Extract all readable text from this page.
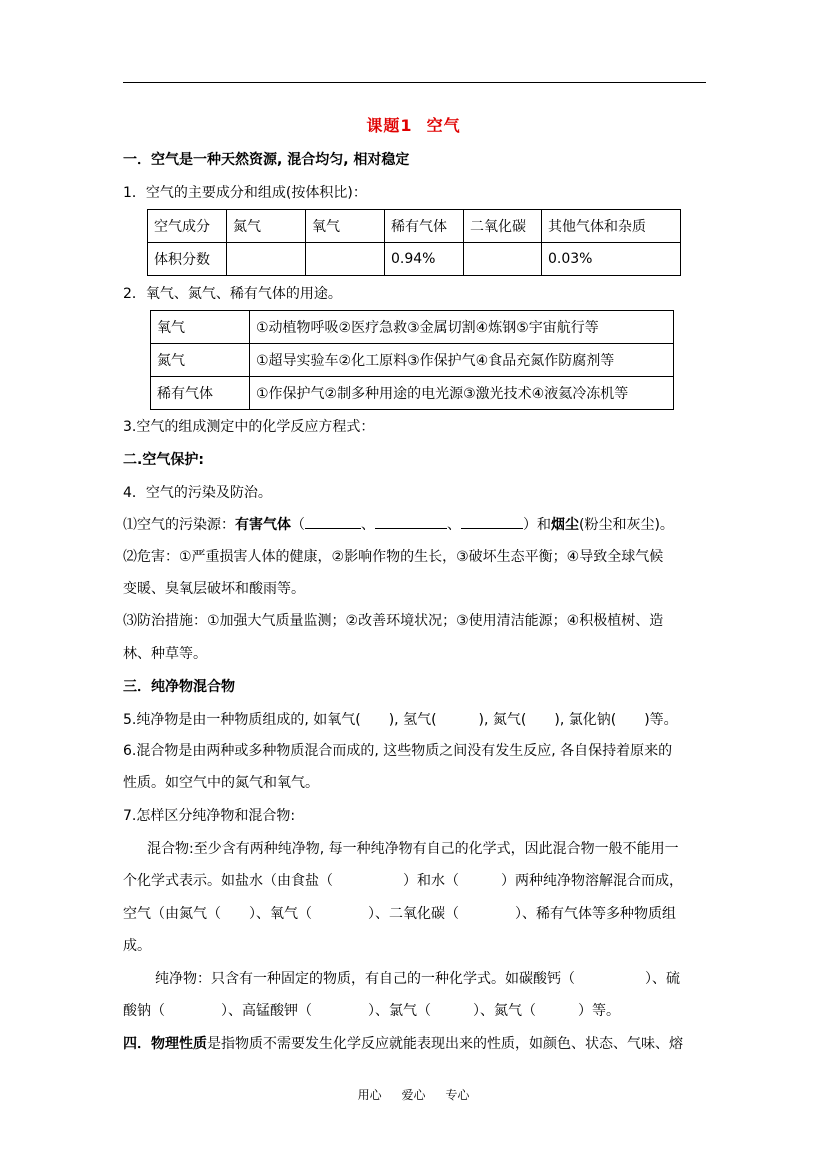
课题1 空气
一．空气是一种天然资源, 混合均匀, 相对稳定
1．空气的主要成分和组成(按体积比)：
空气成分	氮气	氧气	稀有气体	二氧化碳	其他气体和杂质
体积分数			0.94%		0.03%
2．氧气、氮气、稀有气体的用途。
氧气	①动植物呼吸②医疗急救③金属切割④炼钢⑤宇宙航行等
氮气	①超导实验车②化工原料③作保护气④食品充氮作防腐剂等
稀有气体	①作保护气②制多种用途的电光源③激光技术④液氦冷冻机等
3.空气的组成测定中的化学反应方程式：
二.空气保护:
4．空气的污染及防治。
⑴空气的污染源：有害气体（	、	、	）和烟尘(粉尘和灰尘)。
⑵危害：①严重损害人体的健康，②影响作物的生长，③破坏生态平衡；④导致全球气候
变暖、臭氧层破坏和酸雨等。
⑶防治措施：①加强大气质量监测；②改善环境状况；③使用清洁能源；④积极植树、造
林、种草等。
三．纯净物混合物
5.纯净物是由一种物质组成的, 如氧气(　　), 氢气(　　　), 氮气(　　), 氯化钠(　　)等。
6.混合物是由两种或多种物质混合而成的, 这些物质之间没有发生反应, 各自保持着原来的
性质。如空气中的氮气和氧气。
7.怎样区分纯净物和混合物:
混合物:至少含有两种纯净物, 每一种纯净物有自己的化学式，因此混合物一般不能用一
个化学式表示。如盐水（由食盐（　　　　　）和水（　　　）两种纯净物溶解混合而成，
空气（由氮气（　　）、氧气（　　　　）、二氧化碳（　　　　）、稀有气体等多种物质组
成。
纯净物：只含有一种固定的物质，有自己的一种化学式。如碳酸钙（　　　　　）、硫
酸钠（　　　　）、高锰酸钾（　　　　）、氯气（　　　）、氮气（　　　）等。
四．物理性质是指物质不需要发生化学反应就能表现出来的性质，如颜色、状态、气味、熔
用心 爱心 专心
